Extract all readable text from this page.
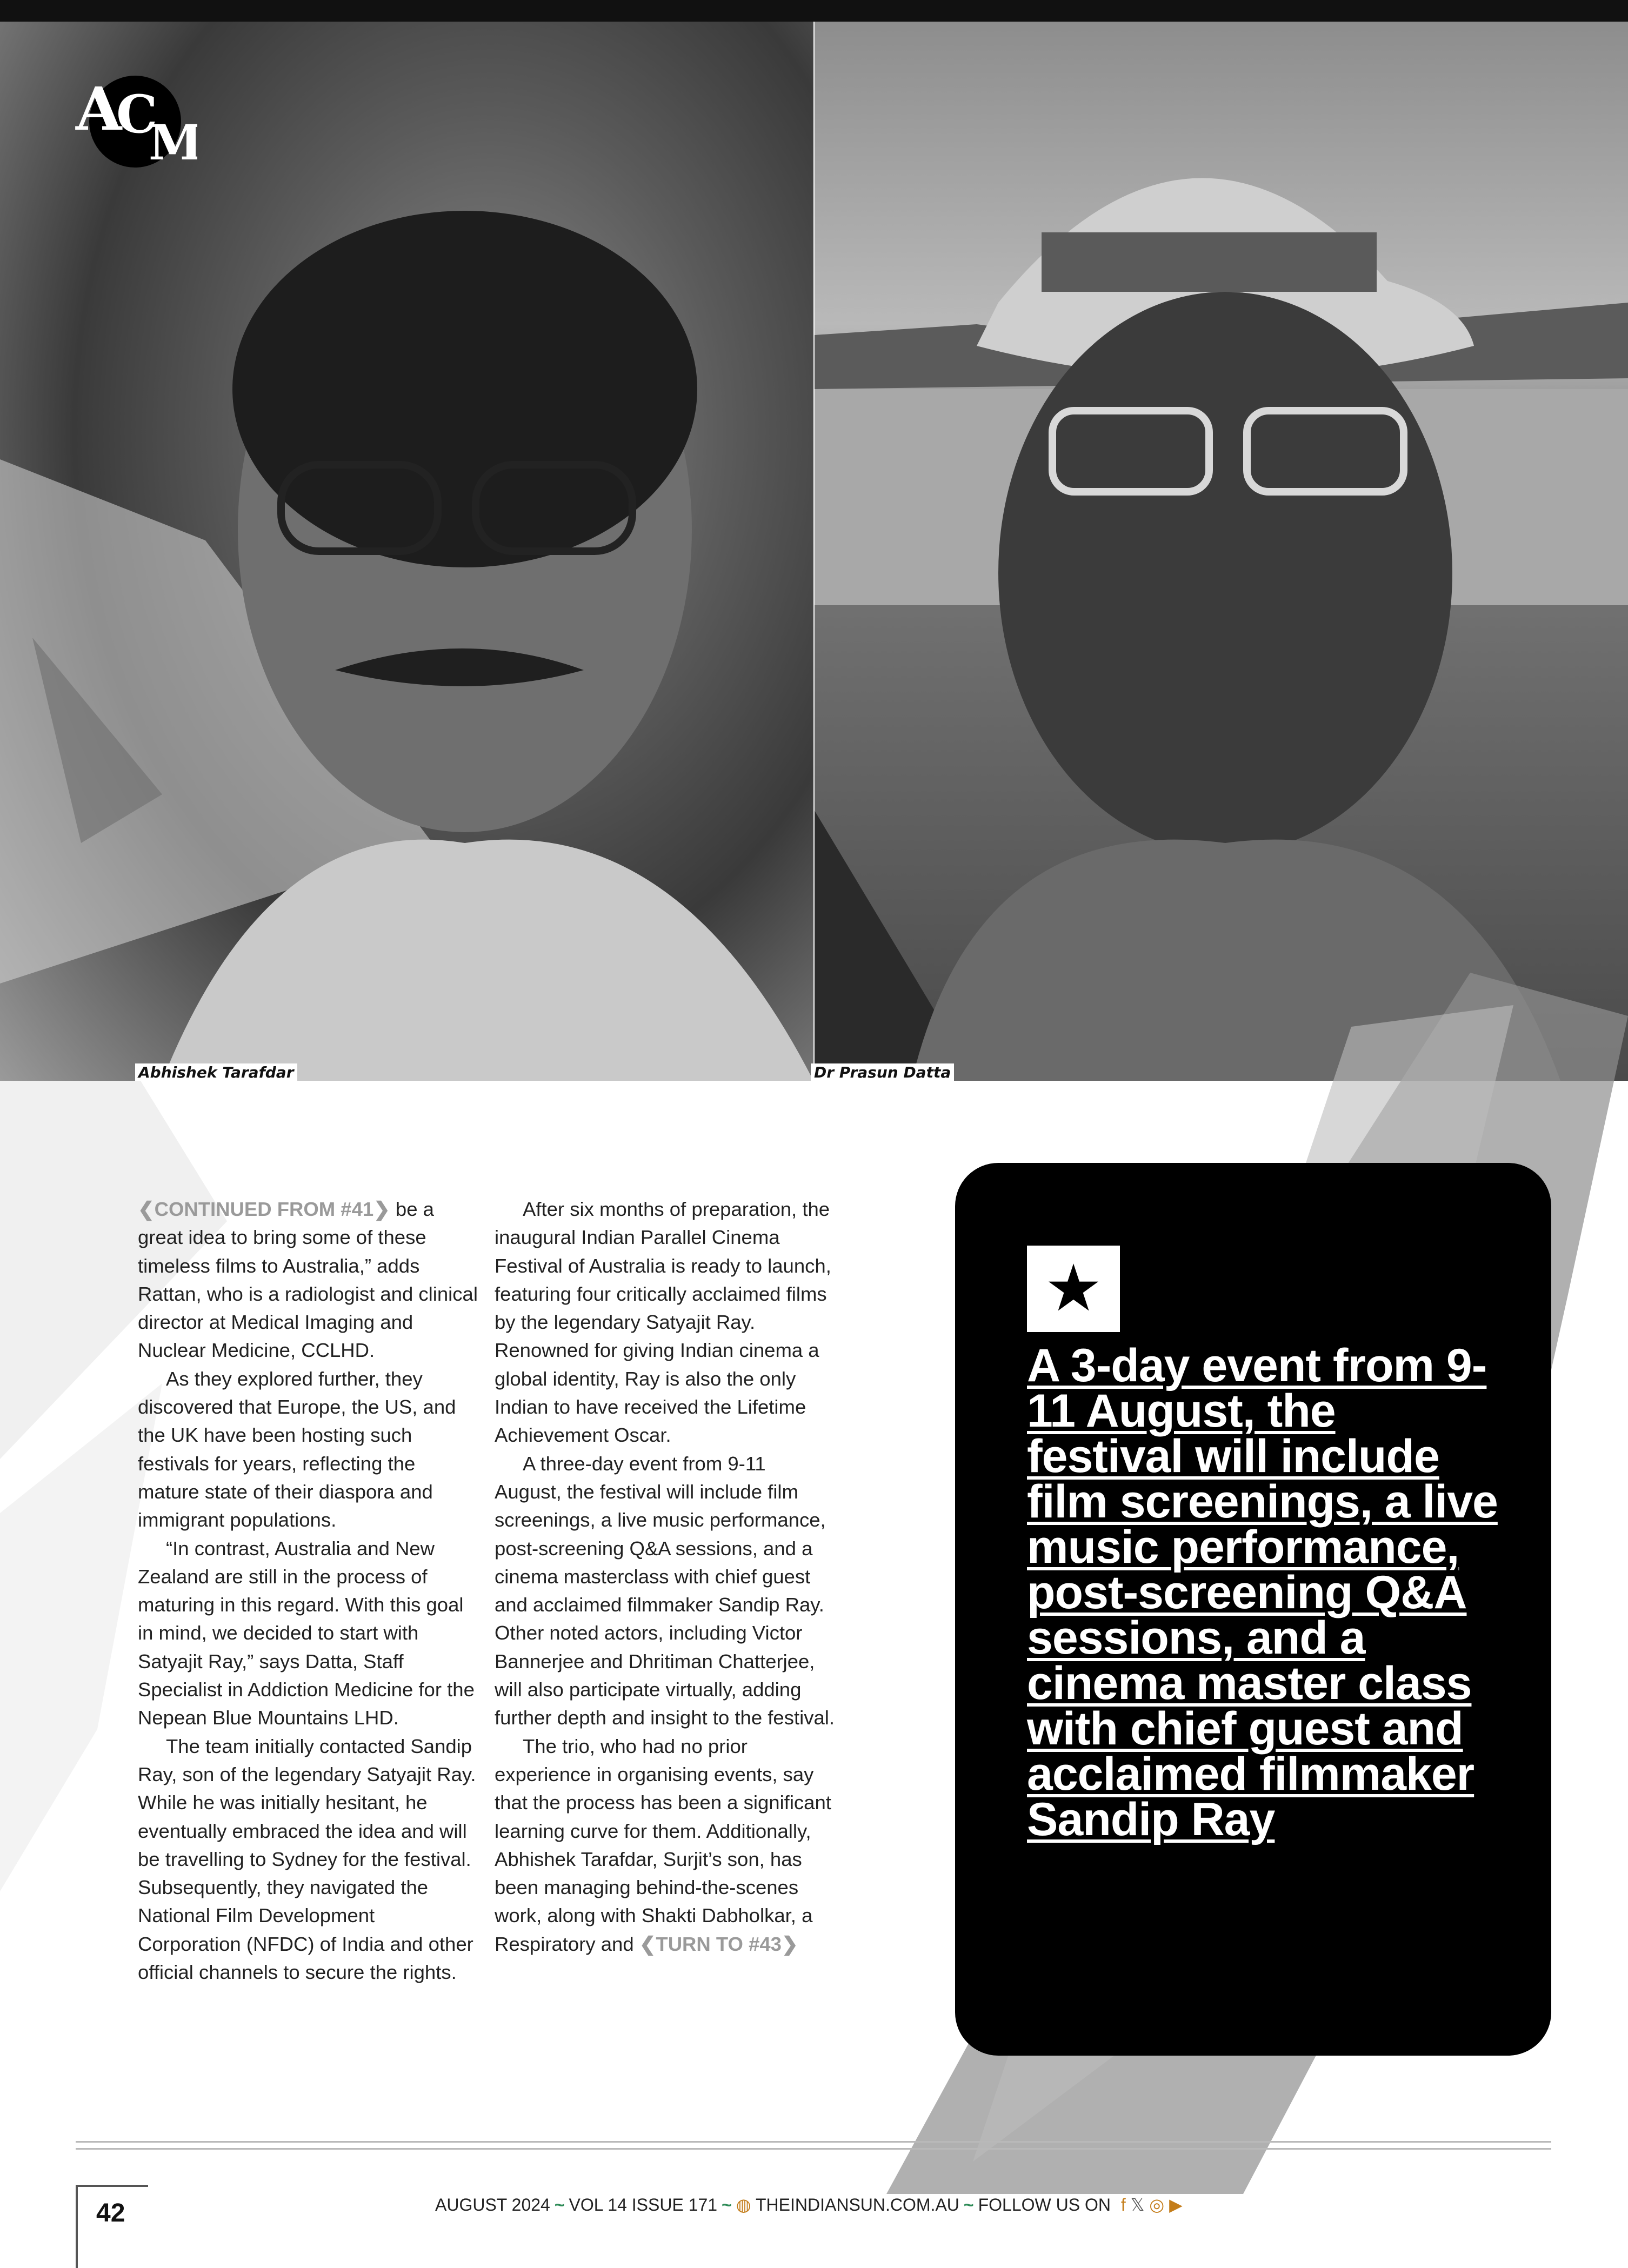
A
C
M
Abhishek Tarafdar	Dr Prasun Datta

❮CONTINUED FROM #41❯ be a great idea to bring some of these timeless films to Australia,” adds Rattan, who is a radiologist and clinical director at Medical Imaging and Nuclear Medicine, CCLHD.

As they explored further, they discovered that Europe, the US, and the UK have been hosting such festivals for years, reflecting the mature state of their diaspora and immigrant populations.

“In contrast, Australia and New Zealand are still in the process of maturing in this regard. With this goal in mind, we decided to start with Satyajit Ray,” says Datta, Staff Specialist in Addiction Medicine for the Nepean Blue Mountains LHD.

The team initially contacted Sandip Ray, son of the legendary Satyajit Ray. While he was initially hesitant, he eventually embraced the idea and will be travelling to Sydney for the festival. Subsequently, they navigated the National Film Development Corporation (NFDC) of India and other official channels to secure the rights.

After six months of preparation, the inaugural Indian Parallel Cinema Festival of Australia is ready to launch, featuring four critically acclaimed films by the legendary Satyajit Ray. Renowned for giving Indian cinema a global identity, Ray is also the only Indian to have received the Lifetime Achievement Oscar.

A three-day event from 9-11 August, the festival will include film screenings, a live music performance, post-screening Q&A sessions, and a cinema masterclass with chief guest and acclaimed filmmaker Sandip Ray. Other noted actors, including Victor Bannerjee and Dhritiman Chatterjee, will also participate virtually, adding further depth and insight to the festival.

The trio, who had no prior experience in organising events, say that the process has been a significant learning curve for them. Additionally, Abhishek Tarafdar, Surjit’s son, has been managing behind-the-scenes work, along with Shakti Dabholkar, a Respiratory and ❮TURN TO #43❯

★
A 3-day event from 9-11 August, the festival will include film screenings, a live music performance, post-screening Q&A sessions, and a cinema master class with chief guest and acclaimed filmmaker Sandip Ray
AUGUST 2024 ~ VOL 14 ISSUE 171 ~ ◍ THEINDIANSUN.COM.AU ~ FOLLOW US ON f 𝕏 ◎ ▶
42
